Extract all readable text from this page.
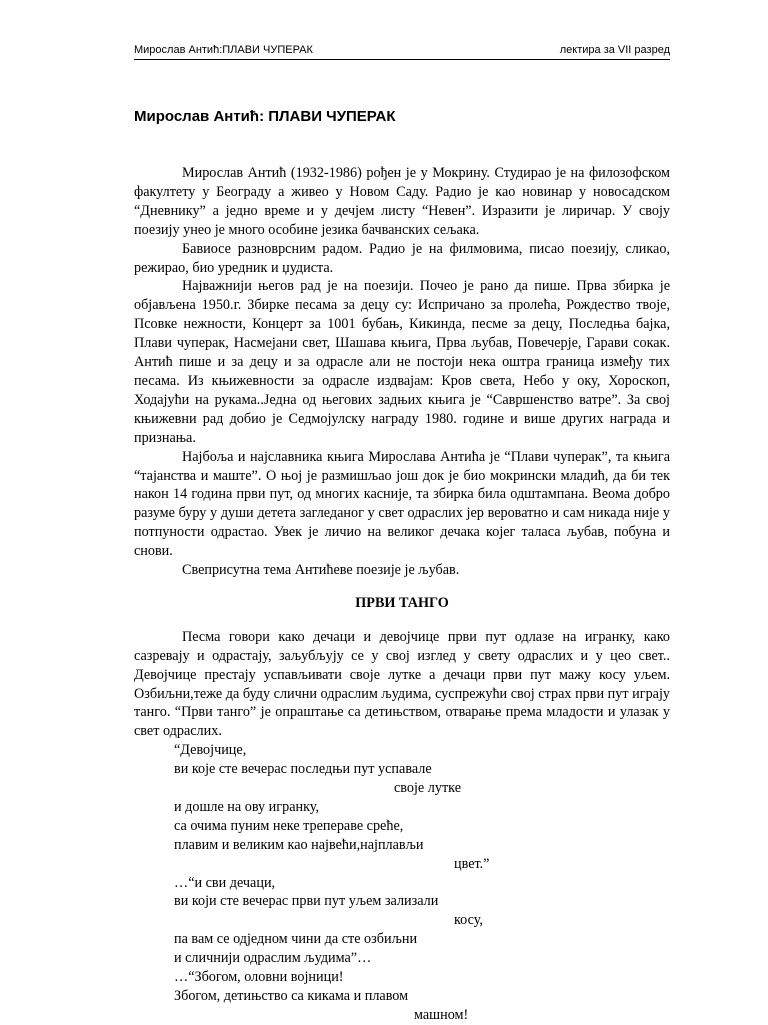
Мирослав Антић:ПЛАВИ ЧУПЕРАК	лектира за VII разред
Мирослав Антић: ПЛАВИ ЧУПЕРАК

Мирослав Антић (1932-1986) рођен је у Мокрину. Студирао је на филозофском факултету у Београду а живео у Новом Саду. Радио је као новинар у новосадском “Дневнику” а једно време и у дечјем листу “Невен”. Изразити је лиричар. У своју поезију унео је много особине језика бачванских сељака.

Бавиосе разноврсним радом. Радио је на филмовима, писао поезију, сликао, режирао, био уредник и џудиста.

Најважнији његов рад је на поезији. Почео је рано да пише. Прва збирка је објављена 1950.г. Збирке песама за децу су: Испричано за пролећа, Рождество твоје, Псовке нежности, Концерт за 1001 бубањ, Кикинда, песме за децу, Последња бајка, Плави чуперак, Насмејани свет, Шашава књига, Прва љубав, Повечерје, Гарави сокак. Антић пише и за децу и за одрасле али не постоји нека оштра граница између тих песама. Из књижевности за одрасле издвајам: Кров света, Небо у оку, Хороскоп, Ходајући на рукама..Једна од његових задњих књига је “Савршенство ватре”. За свој књижевни рад добио је Седмојулску награду 1980. године и више других награда и признања.

Најбоља и најславника књига Мирослава Антића је “Плави чуперак”, та књига “тајанства и маште”. О њој је размишљао још док је био мокрински младић, да би тек након 14 година први пут, од многих касније, та збирка била одштампана. Веома добро разуме буру у души детета загледаног у свет одраслих јер вероватно и сам никада није у потпуности одрастао. Увек је личио на великог дечака којег таласа љубав, побуна и снови.

Свеприсутна тема Антићеве поезије је љубав.

ПРВИ ТАНГО

Песма говори како дечаци и девојчице први пут одлазе на игранку, како сазревају и одрастају, заљубљују се у свој изглед у свету одраслих и у цео свет.. Девојчице престају успављивати своје лутке а дечаци први пут мажу косу уљем. Озбиљни,теже да буду слични одраслим људима, суспрежући свој страх први пут играју танго. “Први танго” је опраштање са детињством, отварање према младости и улазак у свет одраслих.

“Девојчице,
ви које сте вечерас последњи пут успавале
своје лутке
и дошле на ову игранку,
са очима пуним неке трепераве среће,
плавим и великим као највећи,најплављи
цвет.”
…“и сви дечаци,
ви који сте вечерас први пут уљем зализали
косу,
па вам се одједном чини да сте озбиљни
и сличнији одраслим људима”…
…“Збогом, оловни војници!
Збогом, детињство са кикама и плавом
машном!
